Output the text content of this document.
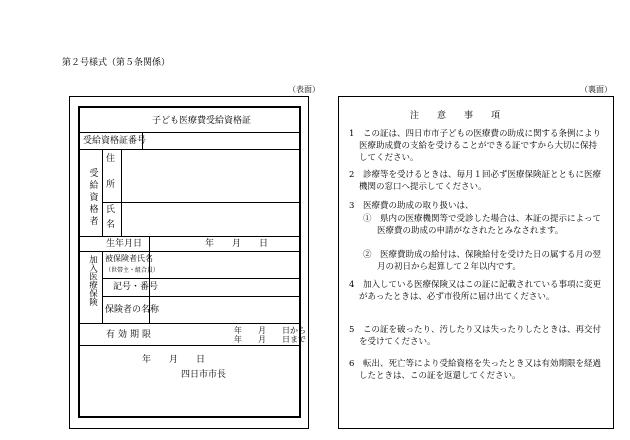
第２号様式（第５条関係）
（表面）	（裏面）
子ども医療費受給資格証
受給資格証番号
受給資格者
住
所
氏
名
生年月日	年　　月　　日
加入医療保険 被保険者氏名
（世帯主・組合員）
記号・番号
保険者の名称
有効期限	年　　月　　日から
年　　月　　日まで
年　　月　　日
四日市市長
注　　意　　事　　項
1　 この証は、四日市市子どもの医療費の助成に関する条例により医療助成費の支給を受けることができる証ですから大切に保持してください。
2　 診療等を受けるときは、毎月１回必ず医療保険証とともに医療機関の窓口へ提示してください。
3　 医療費の助成の取り扱いは、
①　 県内の医療機関等で受診した場合は、本証の提示によって医療費の助成の申請がなされたとみなされます。
②　 医療費助成の給付は、保険給付を受けた日の属する月の翌月の初日から起算して２年以内です。
4　 加入している医療保険又はこの証に記載されている事項に変更があったときは、必ず市役所に届け出てください。
5　 この証を破ったり、汚したり又は失ったりしたときは、再交付を受けてください。
6　 転出、死亡等により受給資格を失ったとき又は有効期限を経過したときは、この証を返還してください。
